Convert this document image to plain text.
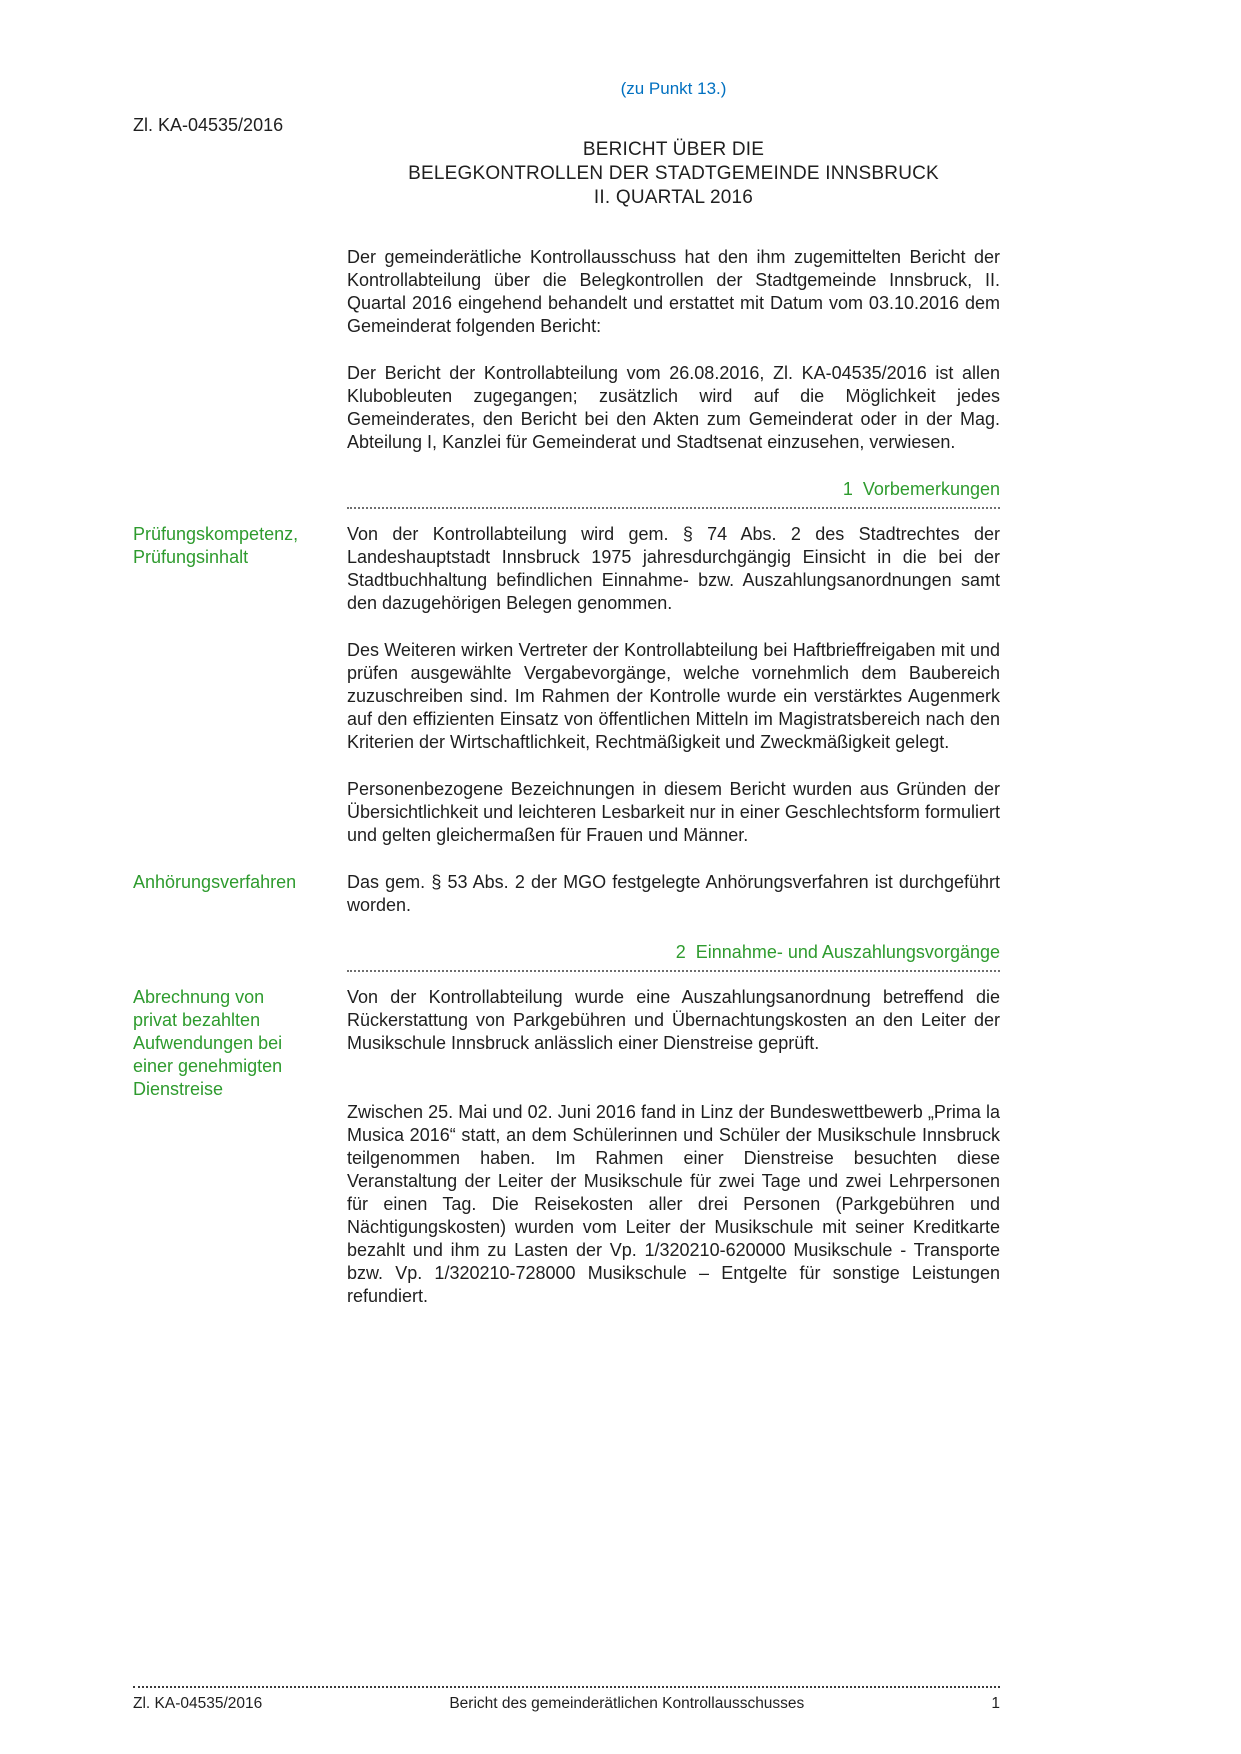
(zu Punkt 13.)
Zl. KA-04535/2016
BERICHT ÜBER DIE
BELEGKONTROLLEN DER STADTGEMEINDE INNSBRUCK
II. QUARTAL 2016

Der gemeinderätliche Kontrollausschuss hat den ihm zugemittelten Bericht der Kontrollabteilung über die Belegkontrollen der Stadtgemeinde Innsbruck, II. Quartal 2016 eingehend behandelt und erstattet mit Datum vom 03.10.2016 dem Gemeinderat folgenden Bericht:

Der Bericht der Kontrollabteilung vom 26.08.2016, Zl. KA-04535/2016 ist allen Klubobleuten zugegangen; zusätzlich wird auf die Möglichkeit jedes Gemeinderates, den Bericht bei den Akten zum Gemeinderat oder in der Mag. Abteilung I, Kanzlei für Gemeinderat und Stadtsenat einzusehen, verwiesen.

1  Vorbemerkungen
Prüfungskompetenz, Prüfungsinhalt

Von der Kontrollabteilung wird gem. § 74 Abs. 2 des Stadtrechtes der Landeshauptstadt Innsbruck 1975 jahresdurchgängig Einsicht in die bei der Stadtbuchhaltung befindlichen Einnahme- bzw. Auszahlungsanordnungen samt den dazugehörigen Belegen genommen.

Des Weiteren wirken Vertreter der Kontrollabteilung bei Haftbrieffreigaben mit und prüfen ausgewählte Vergabevorgänge, welche vornehmlich dem Baubereich zuzuschreiben sind. Im Rahmen der Kontrolle wurde ein verstärktes Augenmerk auf den effizienten Einsatz von öffentlichen Mitteln im Magistratsbereich nach den Kriterien der Wirtschaftlichkeit, Rechtmäßigkeit und Zweckmäßigkeit gelegt.

Personenbezogene Bezeichnungen in diesem Bericht wurden aus Gründen der Übersichtlichkeit und leichteren Lesbarkeit nur in einer Geschlechtsform formuliert und gelten gleichermaßen für Frauen und Männer.

Anhörungsverfahren	Das gem. § 53 Abs. 2 der MGO festgelegte Anhörungsverfahren ist durchgeführt worden.

2  Einnahme- und Auszahlungsvorgänge
Abrechnung von privat bezahlten Aufwendungen bei einer genehmigten Dienstreise

Von der Kontrollabteilung wurde eine Auszahlungsanordnung betreffend die Rückerstattung von Parkgebühren und Übernachtungskosten an den Leiter der Musikschule Innsbruck anlässlich einer Dienstreise geprüft.

Zwischen 25. Mai und 02. Juni 2016 fand in Linz der Bundeswettbewerb „Prima la Musica 2016“ statt, an dem Schülerinnen und Schüler der Musikschule Innsbruck teilgenommen haben. Im Rahmen einer Dienstreise besuchten diese Veranstaltung der Leiter der Musikschule für zwei Tage und zwei Lehrpersonen für einen Tag. Die Reisekosten aller drei Personen (Parkgebühren und Nächtigungskosten) wurden vom Leiter der Musikschule mit seiner Kreditkarte bezahlt und ihm zu Lasten der Vp. 1/320210-620000 Musikschule - Transporte bzw. Vp. 1/320210-728000 Musikschule – Entgelte für sonstige Leistungen refundiert.

Zl. KA-04535/2016	Bericht des gemeinderätlichen Kontrollausschusses	1
